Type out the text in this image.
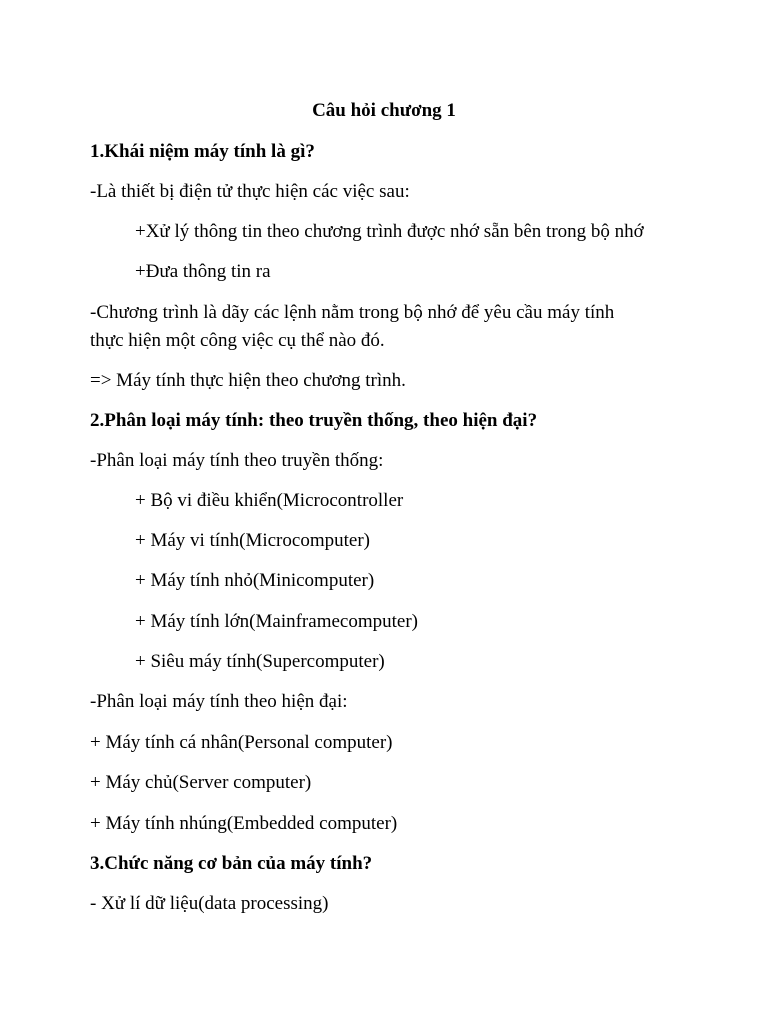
Câu hỏi chương 1
1.Khái niệm máy tính là gì?
-Là thiết bị điện tử thực hiện các việc sau:
+Xử lý thông tin theo chương trình được nhớ sẵn bên trong bộ nhớ
+Đưa thông tin ra
-Chương trình là dãy các lệnh nằm trong bộ nhớ để yêu cầu máy tính
thực hiện một công việc cụ thể nào đó.
=> Máy tính thực hiện theo chương trình.
2.Phân loại máy tính: theo truyền thống, theo hiện đại?
-Phân loại máy tính theo truyền thống:
+ Bộ vi điều khiển(Microcontroller
+ Máy vi tính(Microcomputer)
+ Máy tính nhỏ(Minicomputer)
+ Máy tính lớn(Mainframecomputer)
+ Siêu máy tính(Supercomputer)
-Phân loại máy tính theo hiện đại:
+ Máy tính cá nhân(Personal computer)
+ Máy chủ(Server computer)
+ Máy tính nhúng(Embedded computer)
3.Chức năng cơ bản của máy tính?
- Xử lí dữ liệu(data processing)
